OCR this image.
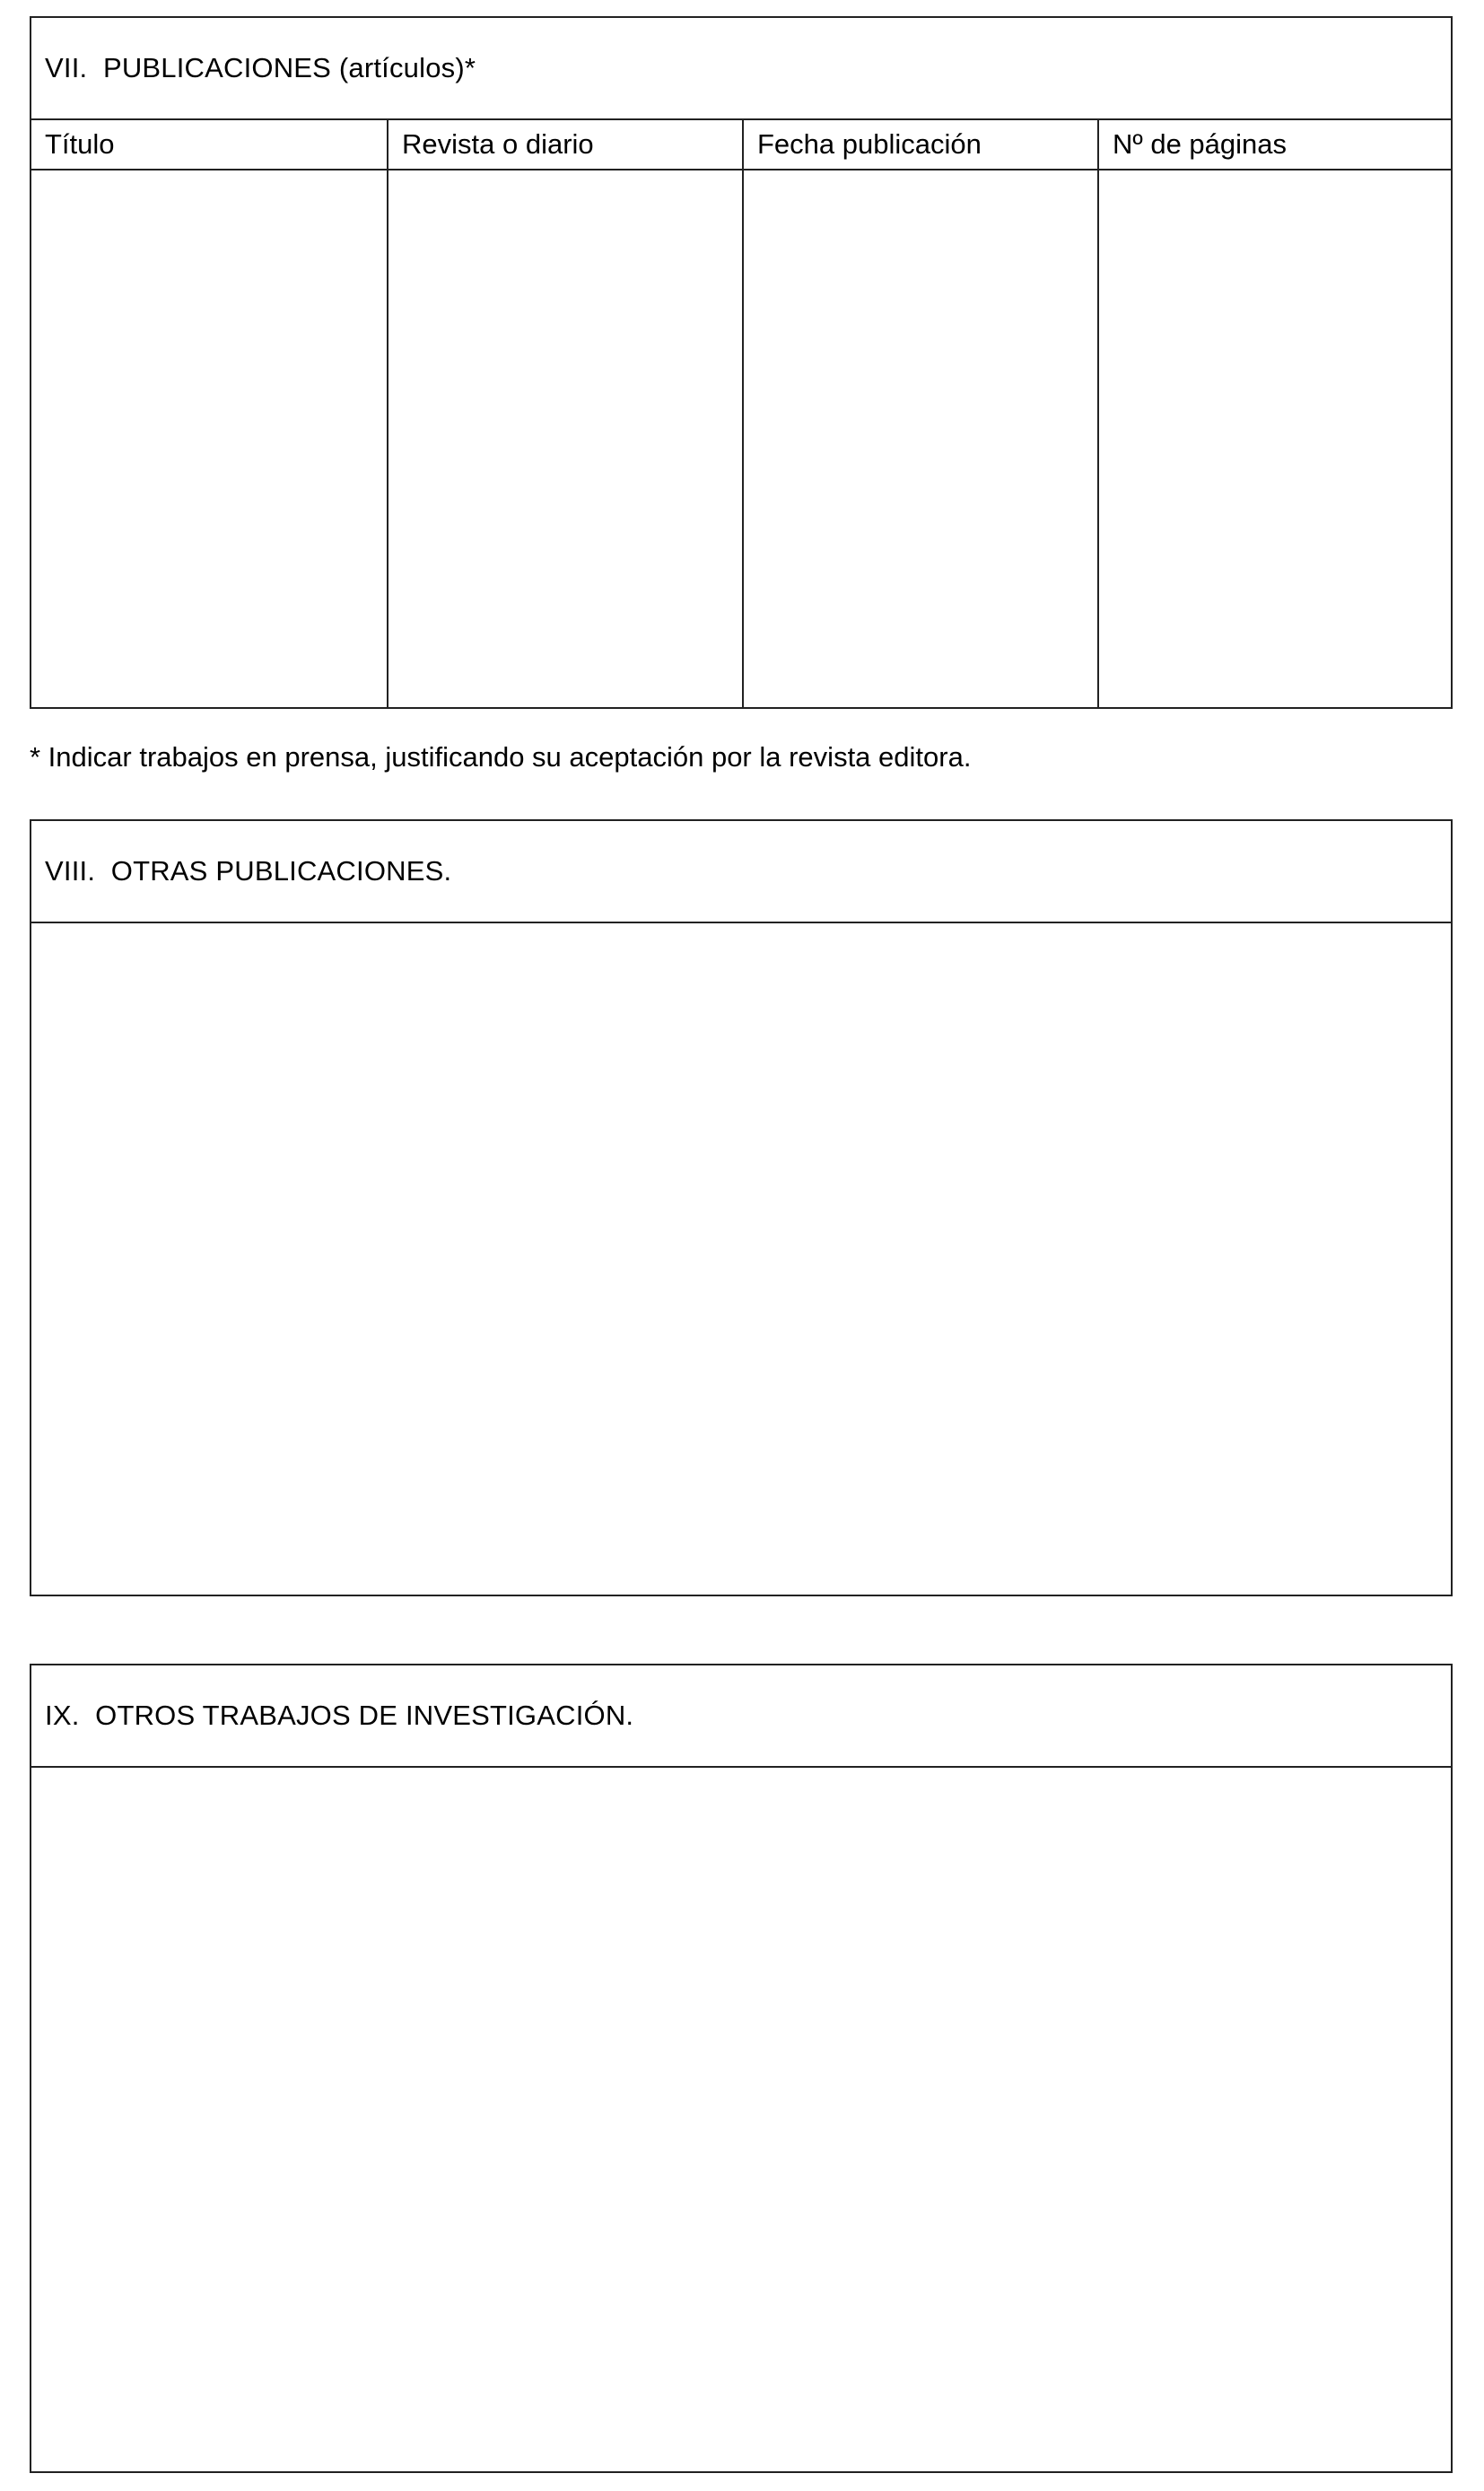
VII.  PUBLICACIONES (artículos)*
Título	Revista o diario	Fecha publicación	Nº de páginas

* Indicar trabajos en prensa, justificando su aceptación por la revista editora.

VIII.  OTRAS PUBLICACIONES.
IX.  OTROS TRABAJOS DE INVESTIGACIÓN.
